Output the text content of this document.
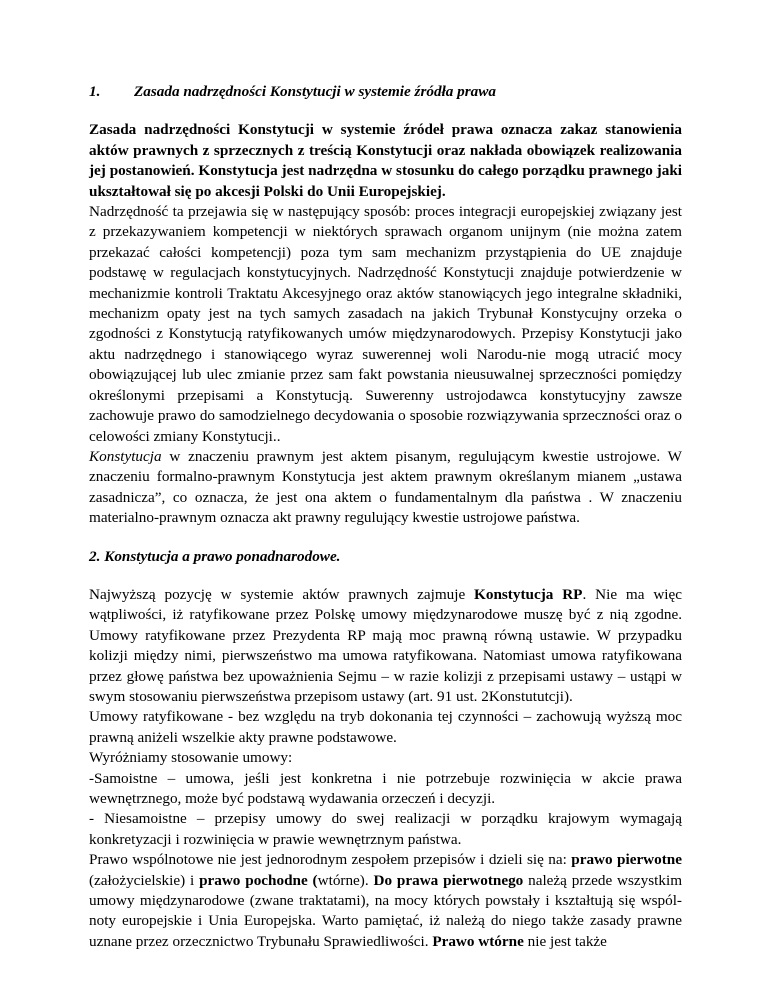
1. Zasada nadrzędności Konstytucji w systemie źródła prawa

Zasada nadrzędności Konstytucji w systemie źródeł prawa oznacza zakaz stanowienia aktów prawnych z sprzecznych z treścią Konstytucji oraz nakłada obowiązek realizowania jej postanowień. Konstytucja jest nadrzędna w stosunku do całego porządku prawnego jaki ukształtował się po akcesji Polski do Unii Europejskiej.

Nadrzędność ta przejawia się w następujący sposób: proces integracji europejskiej związany jest z przekazywaniem kompetencji w niektórych sprawach organom unijnym (nie można zatem przekazać całości kompetencji) poza tym sam mechanizm przystąpienia do UE znajduje podstawę w regulacjach konstytucyjnych. Nadrzędność Konstytucji znajduje potwierdzenie w mechanizmie kontroli Traktatu Akcesyjnego oraz aktów stanowiących jego integralne składniki, mechanizm opaty jest na tych samych zasadach na jakich Trybunał Konstycujny orzeka o zgodności z Konstytucją ratyfikowanych umów międzynarodowych. Przepisy Konstytucji jako aktu nadrzędnego i stanowiącego wyraz suwerennej woli Narodu-nie mogą utracić mocy obowiązującej lub ulec zmianie przez sam fakt powstania nieusuwalnej sprzeczności pomiędzy określonymi przepisami a Konstytucją. Suwerenny ustrojodawca konstytucyjny zawsze zachowuje prawo do samodzielnego decydowania o sposobie rozwiązywania sprzeczności oraz o celowości zmiany Konstytucji..

Konstytucja w znaczeniu prawnym jest aktem pisanym, regulującym kwestie ustrojowe. W znaczeniu formalno-prawnym Konstytucja jest aktem prawnym określanym mianem „ustawa zasadnicza”, co oznacza, że jest ona aktem o fundamentalnym dla państwa . W znaczeniu materialno-prawnym oznacza akt prawny regulujący kwestie ustrojowe państwa.

2. Konstytucja a prawo ponadnarodowe.

Najwyższą pozycję w systemie aktów prawnych zajmuje Konstytucja RP. Nie ma więc wątpliwości, iż ratyfikowane przez Polskę umowy międzynarodowe muszę być z nią zgodne. Umowy ratyfikowane przez Prezydenta RP mają moc prawną równą ustawie. W przypadku kolizji między nimi, pierwszeństwo ma umowa ratyfikowana. Natomiast umowa ratyfikowana przez głowę państwa bez upoważnienia Sejmu – w razie kolizji z przepisami ustawy – ustąpi w swym stosowaniu pierwszeństwa przepisom ustawy (art. 91 ust. 2Konstututcji).

Umowy ratyfikowane - bez względu na tryb dokonania tej czynności – zachowują wyższą moc prawną aniżeli wszelkie akty prawne podstawowe.

Wyróżniamy stosowanie umowy:

-Samoistne – umowa, jeśli jest konkretna i nie potrzebuje rozwinięcia w akcie prawa wewnętrznego, może być podstawą wydawania orzeczeń i decyzji.

- Niesamoistne – przepisy umowy do swej realizacji w porządku krajowym wymagają konkretyzacji i rozwinięcia w prawie wewnętrznym państwa.

Prawo wspólnotowe nie jest jednorodnym zespołem przepisów i dzieli się na: prawo pierwotne (założycielskie) i prawo pochodne (wtórne). Do prawa pierwotnego należą przede wszystkim umowy międzynarodowe (zwane traktatami), na mocy których powstały i kształtują się wspól-noty europejskie i Unia Europejska. Warto pamiętać, iż należą do niego także zasady prawne uznane przez orzecznictwo Trybunału Sprawiedliwości. Prawo wtórne nie jest także
